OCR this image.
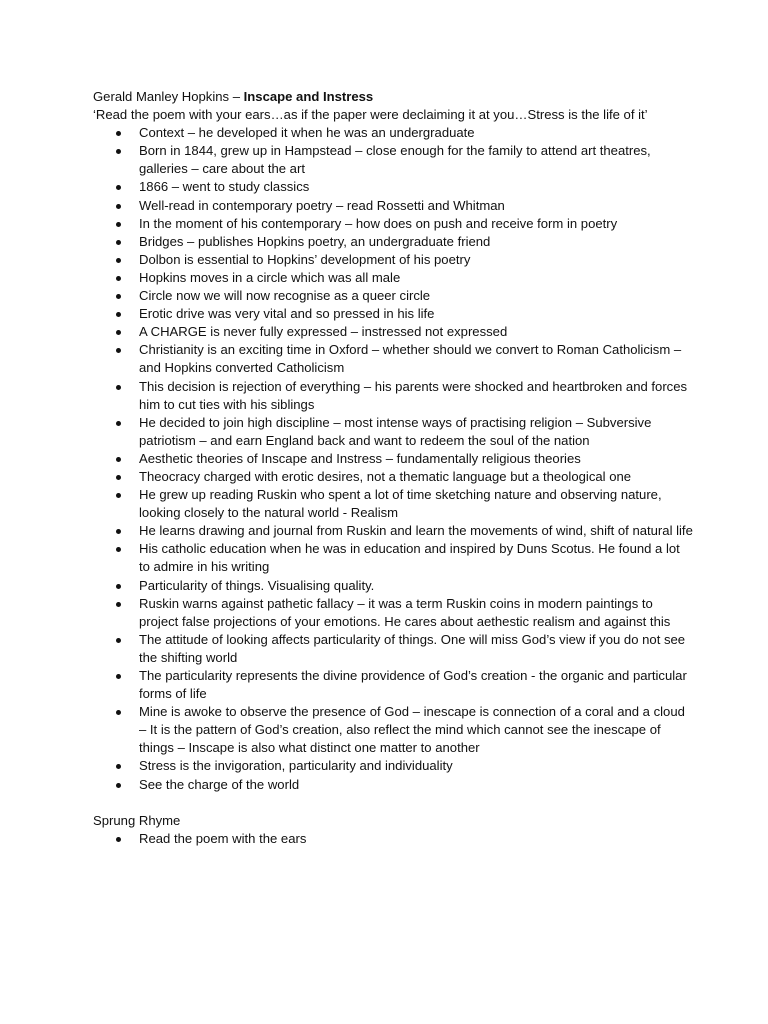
Gerald Manley Hopkins – Inscape and Instress

‘Read the poem with your ears…as if the paper were declaiming it at you…Stress is the life of it’

Context – he developed it when he was an undergraduate
Born in 1844, grew up in Hampstead – close enough for the family to attend art theatres, galleries – care about the art
1866 – went to study classics
Well-read in contemporary poetry – read Rossetti and Whitman
In the moment of his contemporary – how does on push and receive form in poetry
Bridges – publishes Hopkins poetry, an undergraduate friend
Dolbon is essential to Hopkins’ development of his poetry
Hopkins moves in a circle which was all male
Circle now we will now recognise as a queer circle
Erotic drive was very vital and so pressed in his life
A CHARGE is never fully expressed – instressed not expressed
Christianity is an exciting time in Oxford – whether should we convert to Roman Catholicism – and Hopkins converted Catholicism
This decision is rejection of everything – his parents were shocked and heartbroken and forces him to cut ties with his siblings
He decided to join high discipline – most intense ways of practising religion – Subversive patriotism – and earn England back and want to redeem the soul of the nation
Aesthetic theories of Inscape and Instress – fundamentally religious theories
Theocracy charged with erotic desires, not a thematic language but a theological one
He grew up reading Ruskin who spent a lot of time sketching nature and observing nature, looking closely to the natural world - Realism
He learns drawing and journal from Ruskin and learn the movements of wind, shift of natural life
His catholic education when he was in education and inspired by Duns Scotus. He found a lot to admire in his writing
Particularity of things. Visualising quality.
Ruskin warns against pathetic fallacy – it was a term Ruskin coins in modern paintings to project false projections of your emotions. He cares about aethestic realism and against this
The attitude of looking affects particularity of things. One will miss God’s view if you do not see the shifting world
The particularity represents the divine providence of God’s creation - the organic and particular forms of life
Mine is awoke to observe the presence of God – inescape is connection of a coral and a cloud – It is the pattern of God’s creation, also reflect the mind which cannot see the inescape of things – Inscape is also what distinct one matter to another
Stress is the invigoration, particularity and individuality
See the charge of the world

Sprung Rhyme

Read the poem with the ears
